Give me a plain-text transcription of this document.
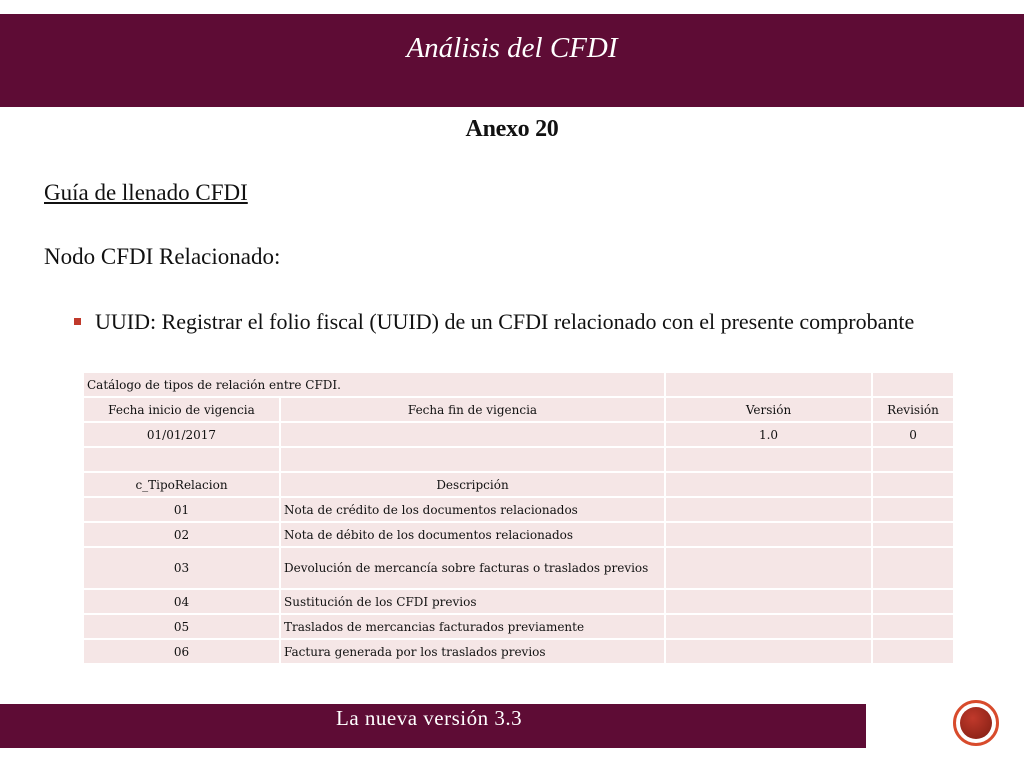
Análisis del CFDI
Anexo 20
Guía de llenado CFDI
Nodo CFDI Relacionado:
UUID: Registrar el folio fiscal (UUID) de un CFDI relacionado con el presente comprobante
Catálogo de tipos de relación entre CFDI.			
Fecha inicio de vigencia	Fecha fin de vigencia	Versión	Revisión
01/01/2017		1.0	0

c_TipoRelacion	Descripción		
01	Nota de crédito de los documentos relacionados		
02	Nota de débito de los documentos relacionados		
03	Devolución de mercancía sobre facturas o traslados previos		
04	Sustitución de los CFDI previos		
05	Traslados de mercancias facturados previamente		
06	Factura generada por los traslados previos		
La nueva versión 3.3
